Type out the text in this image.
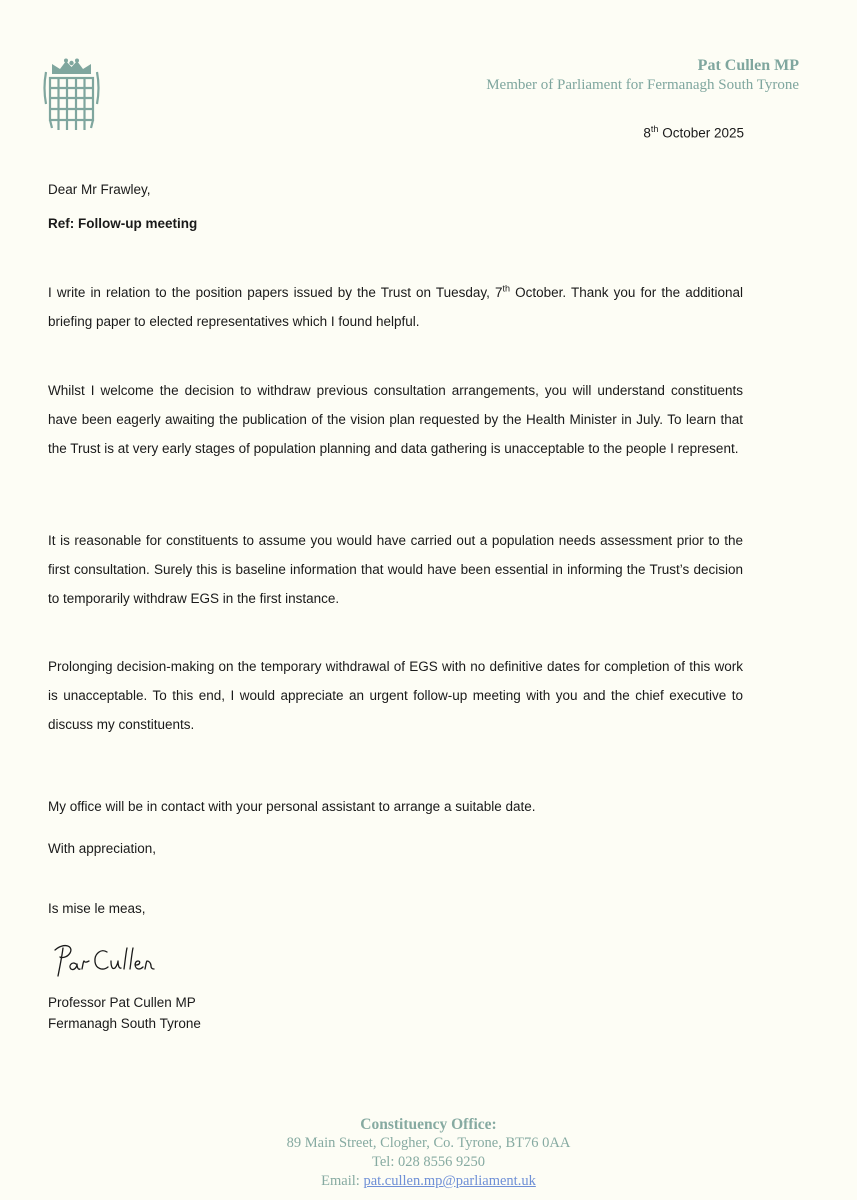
Pat Cullen MP
Member of Parliament for Fermanagh South Tyrone
8th October 2025
Dear Mr Frawley,
Ref: Follow-up meeting
I write in relation to the position papers issued by the Trust on Tuesday, 7th October. Thank you for the additional briefing paper to elected representatives which I found helpful.
Whilst I welcome the decision to withdraw previous consultation arrangements, you will understand constituents have been eagerly awaiting the publication of the vision plan requested by the Health Minister in July. To learn that the Trust is at very early stages of population planning and data gathering is unacceptable to the people I represent.
It is reasonable for constituents to assume you would have carried out a population needs assessment prior to the first consultation. Surely this is baseline information that would have been essential in informing the Trust’s decision to temporarily withdraw EGS in the first instance.
Prolonging decision-making on the temporary withdrawal of EGS with no definitive dates for completion of this work is unacceptable. To this end, I would appreciate an urgent follow-up meeting with you and the chief executive to discuss my constituents.
My office will be in contact with your personal assistant to arrange a suitable date.
With appreciation,
Is mise le meas,
Professor Pat Cullen MP
Fermanagh South Tyrone
Constituency Office:
89 Main Street, Clogher, Co. Tyrone, BT76 0AA
Tel: 028 8556 9250
Email: pat.cullen.mp@parliament.uk
